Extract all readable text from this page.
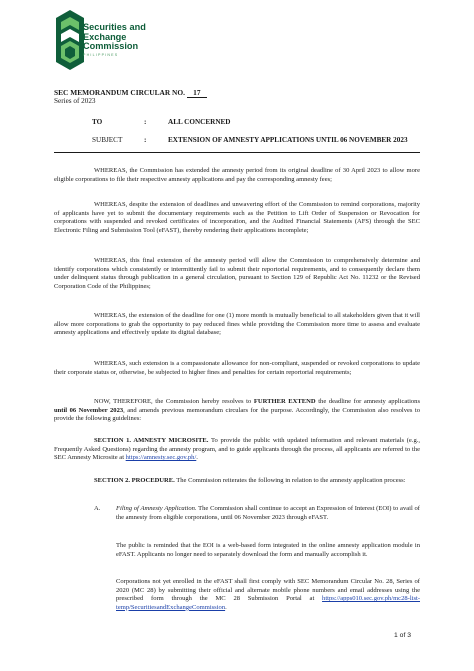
Securities and
Exchange
Commission
PHILIPPINES
SEC MEMORANDUM CIRCULAR NO. 17
Series of 2023
TO	:	ALL CONCERNED
SUBJECT	:	EXTENSION OF AMNESTY APPLICATIONS UNTIL 06 NOVEMBER 2023

WHEREAS, the Commission has extended the amnesty period from its original deadline of 30 April 2023 to allow more eligible corporations to file their respective amnesty applications and pay the corresponding amnesty fees;

WHEREAS, despite the extension of deadlines and unwavering effort of the Commission to remind corporations, majority of applicants have yet to submit the documentary requirements such as the Petition to Lift Order of Suspension or Revocation for corporations with suspended and revoked certificates of incorporation, and the Audited Financial Statements (AFS) through the SEC Electronic Filing and Submission Tool (eFAST), thereby rendering their applications incomplete;

WHEREAS, this final extension of the amnesty period will allow the Commission to comprehensively determine and identify corporations which consistently or intermittently fail to submit their reportorial requirements, and to consequently declare them under delinquent status through publication in a general circulation, pursuant to Section 129 of Republic Act No. 11232 or the Revised Corporation Code of the Philippines;

WHEREAS, the extension of the deadline for one (1) more month is mutually beneficial to all stakeholders given that it will allow more corporations to grab the opportunity to pay reduced fines while providing the Commission more time to assess and evaluate amnesty applications and effectively update its digital database;

WHEREAS, such extension is a compassionate allowance for non-compliant, suspended or revoked corporations to update their corporate status or, otherwise, be subjected to higher fines and penalties for certain reportorial requirements;

NOW, THEREFORE, the Commission hereby resolves to FURTHER EXTEND the deadline for amnesty applications until 06 November 2023, and amends previous memorandum circulars for the purpose. Accordingly, the Commission also resolves to provide the following guidelines:

SECTION 1. AMNESTY MICROSITE. To provide the public with updated information and relevant materials (e.g., Frequently Asked Questions) regarding the amnesty program, and to guide applicants through the process, all applicants are referred to the SEC Amnesty Microsite at https://amnesty.sec.gov.ph/.

SECTION 2. PROCEDURE. The Commission reiterates the following in relation to the amnesty application process:

A. Filing of Amnesty Application. The Commission shall continue to accept an Expression of Interest (EOI) to avail of the amnesty from eligible corporations, until 06 November 2023 through eFAST.

The public is reminded that the EOI is a web-based form integrated in the online amnesty application module in eFAST. Applicants no longer need to separately download the form and manually accomplish it.

Corporations not yet enrolled in the eFAST shall first comply with SEC Memorandum Circular No. 28, Series of 2020 (MC 28) by submitting their official and alternate mobile phone numbers and email addresses using the prescribed form through the MC 28 Submission Portal at https://apps010.sec.gov.ph/mc28-list-temp/SecuritiesandExchangeCommission.

1 of 3
